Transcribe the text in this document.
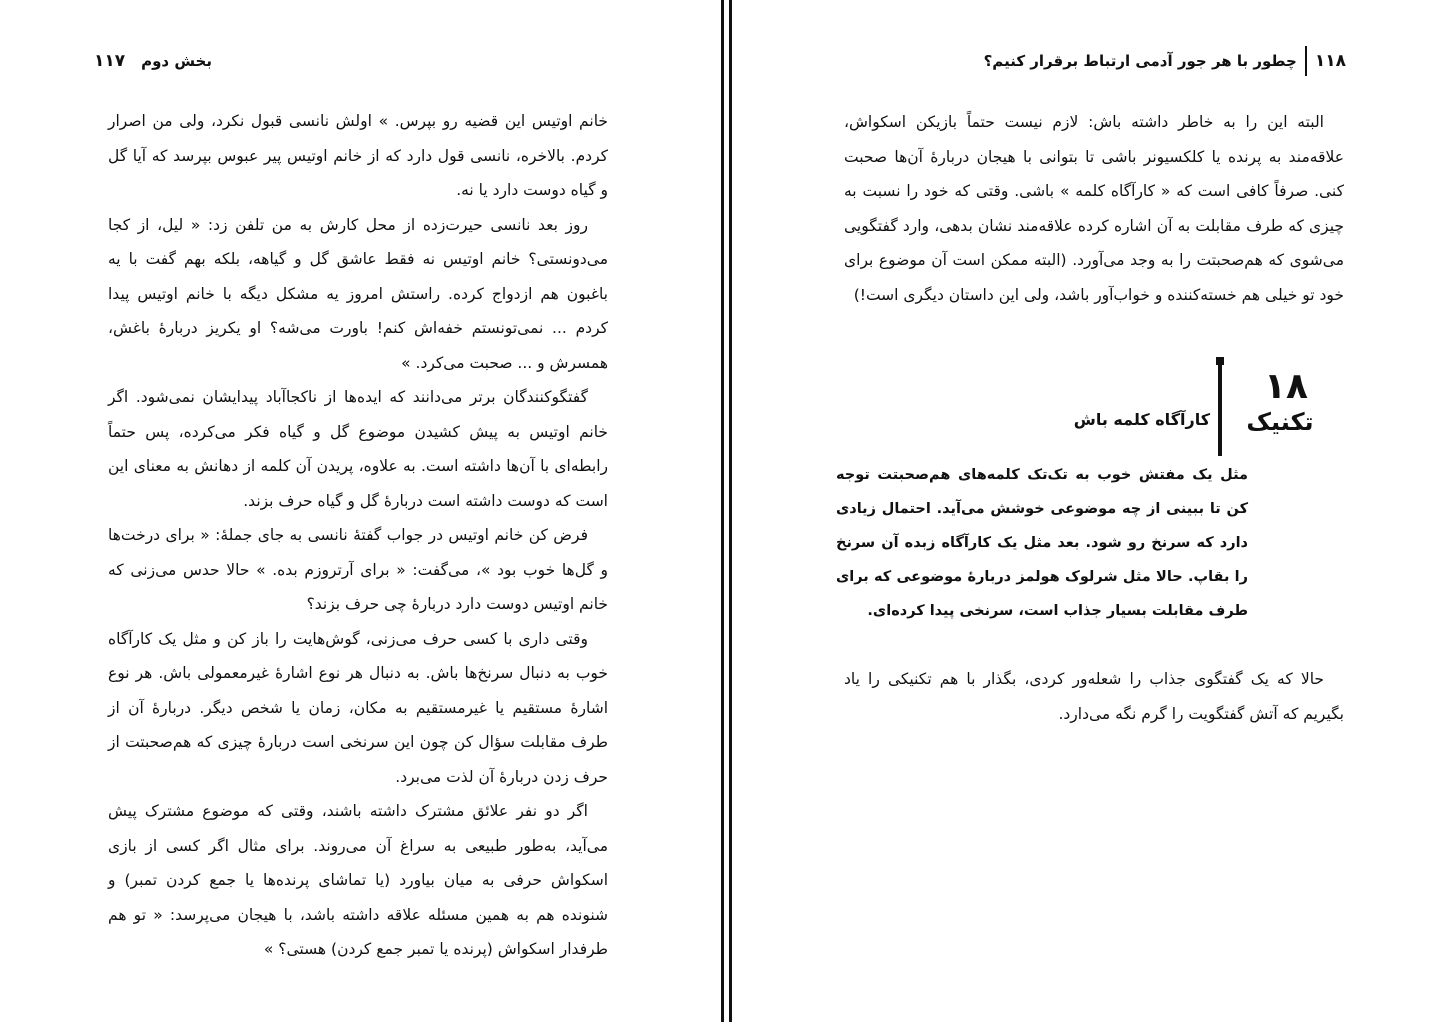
۱۱۷	بخش دوم

خانم اوتیس این قضیه رو بپرس. » اولش نانسی قبول نکرد، ولی من اصرار کردم. بالاخره، نانسی قول دارد که از خانم اوتیس پیر عبوس بپرسد که آیا گل و گیاه دوست دارد یا نه.

روز بعد نانسی حیرت‌زده از محل کارش به من تلفن زد: « لیل، از کجا می‌دونستی؟ خانم اوتیس نه فقط عاشق گل و گیاهه، بلکه بهم گفت با یه باغبون هم ازدواج کرده. راستش امروز یه مشکل دیگه با خانم اوتیس پیدا کردم ... نمی‌تونستم خفه‌اش کنم! باورت می‌شه؟ او یکریز دربارهٔ باغش، همسرش و ... صحبت می‌کرد. »

گفتگوکنندگان برتر می‌دانند که ایده‌ها از ناکجاآباد پیدایشان نمی‌شود. اگر خانم اوتیس به پیش کشیدن موضوع گل و گیاه فکر می‌کرده، پس حتماً رابطه‌ای با آن‌ها داشته است. به علاوه، پریدن آن کلمه از دهانش به معنای این است که دوست داشته است دربارهٔ گل و گیاه حرف بزند.

فرض کن خانم اوتیس در جواب گفتهٔ نانسی به جای جملهٔ: « برای درخت‌ها و گل‌ها خوب بود »، می‌گفت: « برای آرتروزم بده. » حالا حدس می‌زنی که خانم اوتیس دوست دارد دربارهٔ چی حرف بزند؟

وقتی داری با کسی حرف می‌زنی، گوش‌هایت را باز کن و مثل یک کارآگاه خوب به دنبال سرنخ‌ها باش. به دنبال هر نوع اشارهٔ غیرمعمولی باش. هر نوع اشارهٔ مستقیم یا غیرمستقیم به مکان، زمان یا شخص دیگر. دربارهٔ آن از طرف مقابلت سؤال کن چون این سرنخی است دربارهٔ چیزی که هم‌صحبتت از حرف زدن دربارهٔ آن لذت می‌برد.

اگر دو نفر علائق مشترک داشته باشند، وقتی که موضوع مشترک پیش می‌آید، به‌طور طبیعی به سراغ آن می‌روند. برای مثال اگر کسی از بازی اسکواش حرفی به میان بیاورد (یا تماشای پرنده‌ها یا جمع کردن تمبر) و شنونده هم به همین مسئله علاقه داشته باشد، با هیجان می‌پرسد: « تو هم طرفدار اسکواش (پرنده یا تمبر جمع کردن) هستی؟ »

۱۱۸
چطور با هر جور آدمی ارتباط برقرار کنیم؟

البته این را به خاطر داشته باش: لازم نیست حتماً بازیکن اسکواش، علاقه‌مند به پرنده یا کلکسیونر باشی تا بتوانی با هیجان دربارهٔ آن‌ها صحبت کنی. صرفاً کافی است که « کارآگاه کلمه » باشی. وقتی که خود را نسبت به چیزی که طرف مقابلت به آن اشاره کرده علاقه‌مند نشان بدهی، وارد گفتگویی می‌شوی که هم‌صحبتت را به وجد می‌آورد. (البته ممکن است آن موضوع برای خود تو خیلی هم خسته‌کننده و خواب‌آور باشد، ولی این داستان دیگری است!)

۱۸
تکنیک
کارآگاه کلمه باش

مثل یک مفتش خوب به تک‌تک کلمه‌های هم‌صحبتت توجه کن تا ببینی از چه موضوعی خوشش می‌آید. احتمال زیادی دارد که سرنخ رو شود. بعد مثل یک کارآگاه زبده آن سرنخ را بقاپ. حالا مثل شرلوک هولمز دربارهٔ موضوعی که برای طرف مقابلت بسیار جذاب است، سرنخی پیدا کرده‌ای.

حالا که یک گفتگوی جذاب را شعله‌ور کردی، بگذار با هم تکنیکی را یاد بگیریم که آتش گفتگویت را گرم نگه می‌دارد.
